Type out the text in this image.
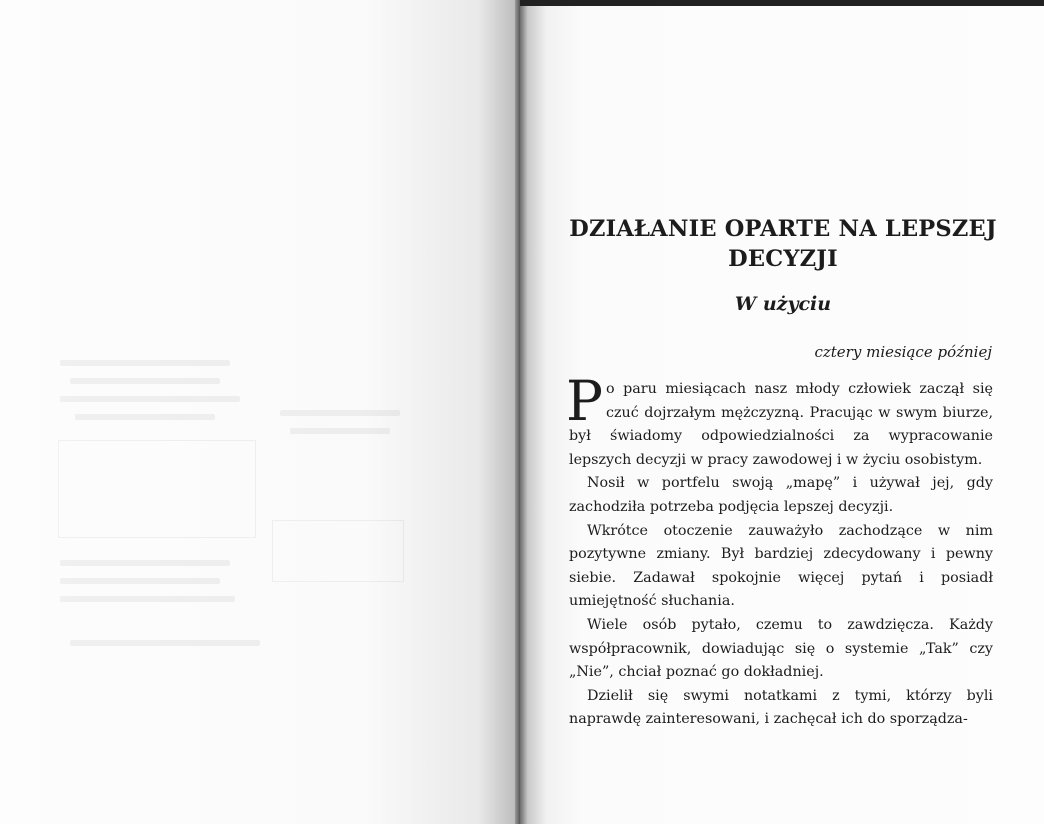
DZIAŁANIE OPARTE NA LEPSZEJ DECYZJI
W użyciu
cztery miesiące później

Po paru miesiącach nasz młody człowiek zaczął się czuć dojrzałym mężczyzną. Pracując w swym biurze, był świadomy odpowiedzialności za wypracowanie lepszych decyzji w pracy zawodowej i w życiu osobistym.

Nosił w portfelu swoją „mapę” i używał jej, gdy zachodziła potrzeba podjęcia lepszej decyzji.

Wkrótce otoczenie zauważyło zachodzące w nim pozytywne zmiany. Był bardziej zdecydowany i pewny siebie. Zadawał spokojnie więcej pytań i posiadł umiejętność słuchania.

Wiele osób pytało, czemu to zawdzięcza. Każdy współpracownik, dowiadując się o systemie „Tak” czy „Nie”, chciał poznać go dokładniej.

Dzielił się swymi notatkami z tymi, którzy byli naprawdę zainteresowani, i zachęcał ich do sporządza-
